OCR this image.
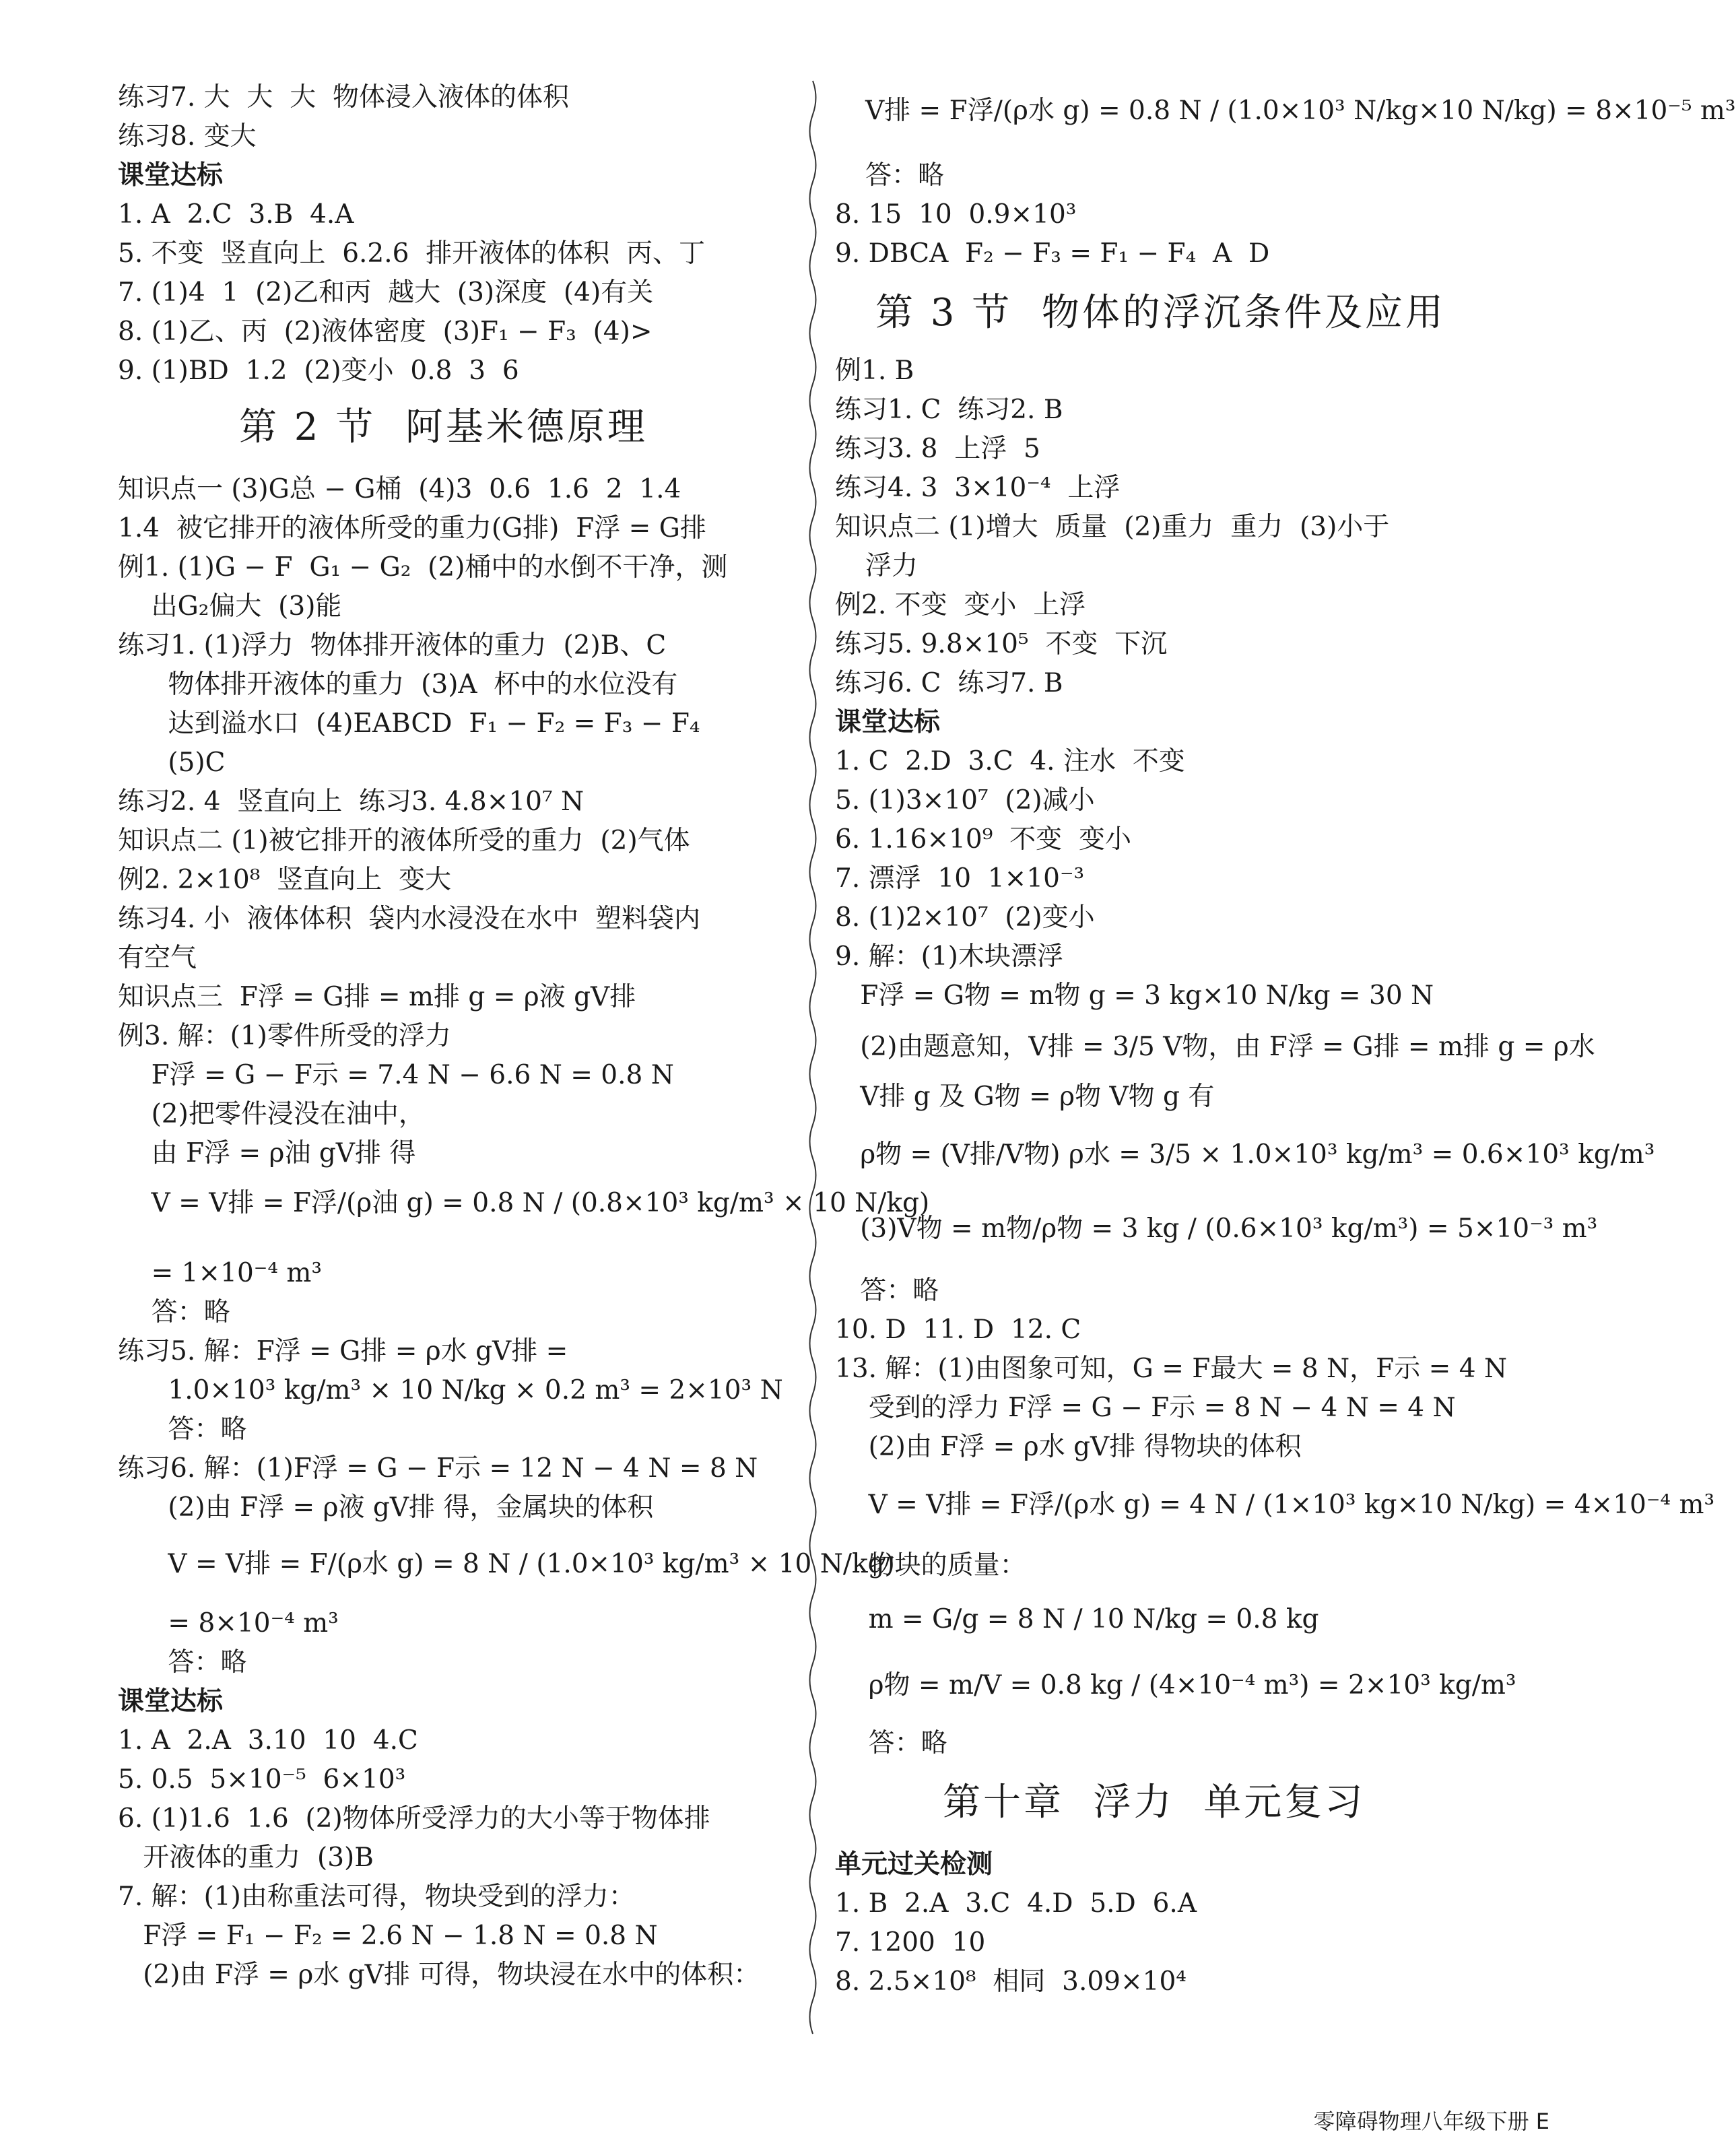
练习7. 大  大  大  物体浸入液体的体积
练习8. 变大
课堂达标
1. A  2.C  3.B  4.A
5. 不变  竖直向上  6.2.6  排开液体的体积  丙、丁
7. (1)4  1  (2)乙和丙  越大  (3)深度  (4)有关
8. (1)乙、丙  (2)液体密度  (3)F₁ − F₃  (4)>
9. (1)BD  1.2  (2)变小  0.8  3  6
第 2 节  阿基米德原理
知识点一 (3)G总 − G桶  (4)3  0.6  1.6  2  1.4
1.4  被它排开的液体所受的重力(G排)  F浮 = G排
例1. (1)G − F  G₁ − G₂  (2)桶中的水倒不干净，测
出G₂偏大  (3)能
练习1. (1)浮力  物体排开液体的重力  (2)B、C
物体排开液体的重力  (3)A  杯中的水位没有
达到溢水口  (4)EABCD  F₁ − F₂ = F₃ − F₄
(5)C
练习2. 4  竖直向上  练习3. 4.8×10⁷ N
知识点二 (1)被它排开的液体所受的重力  (2)气体
例2. 2×10⁸  竖直向上  变大
练习4. 小  液体体积  袋内水浸没在水中  塑料袋内
有空气
知识点三  F浮 = G排 = m排 g = ρ液 gV排
例3. 解：(1)零件所受的浮力
F浮 = G − F示 = 7.4 N − 6.6 N = 0.8 N
(2)把零件浸没在油中，
由 F浮 = ρ油 gV排 得
V = V排 = F浮/(ρ油 g) = 0.8 N / (0.8×10³ kg/m³ × 10 N/kg)
= 1×10⁻⁴ m³
答：略
练习5. 解：F浮 = G排 = ρ水 gV排 =
1.0×10³ kg/m³ × 10 N/kg × 0.2 m³ = 2×10³ N
答：略
练习6. 解：(1)F浮 = G − F示 = 12 N − 4 N = 8 N
(2)由 F浮 = ρ液 gV排 得，金属块的体积
V = V排 = F/(ρ水 g) = 8 N / (1.0×10³ kg/m³ × 10 N/kg)
= 8×10⁻⁴ m³
答：略
课堂达标
1. A  2.A  3.10  10  4.C
5. 0.5  5×10⁻⁵  6×10³
6. (1)1.6  1.6  (2)物体所受浮力的大小等于物体排
开液体的重力  (3)B
7. 解：(1)由称重法可得，物块受到的浮力：
F浮 = F₁ − F₂ = 2.6 N − 1.8 N = 0.8 N
(2)由 F浮 = ρ水 gV排 可得，物块浸在水中的体积：
V排 = F浮/(ρ水 g) = 0.8 N / (1.0×10³ N/kg×10 N/kg) = 8×10⁻⁵ m³
答：略
8. 15  10  0.9×10³
9. DBCA  F₂ − F₃ = F₁ − F₄  A  D
第 3 节  物体的浮沉条件及应用
例1. B
练习1. C  练习2. B
练习3. 8  上浮  5
练习4. 3  3×10⁻⁴  上浮
知识点二 (1)增大  质量  (2)重力  重力  (3)小于
浮力
例2. 不变  变小  上浮
练习5. 9.8×10⁵  不变  下沉
练习6. C  练习7. B
课堂达标
1. C  2.D  3.C  4. 注水  不变
5. (1)3×10⁷  (2)减小
6. 1.16×10⁹  不变  变小
7. 漂浮  10  1×10⁻³
8. (1)2×10⁷  (2)变小
9. 解：(1)木块漂浮
F浮 = G物 = m物 g = 3 kg×10 N/kg = 30 N
(2)由题意知，V排 = 3/5 V物，由 F浮 = G排 = m排 g = ρ水
V排 g 及 G物 = ρ物 V物 g 有
ρ物 = (V排/V物) ρ水 = 3/5 × 1.0×10³ kg/m³ = 0.6×10³ kg/m³
(3)V物 = m物/ρ物 = 3 kg / (0.6×10³ kg/m³) = 5×10⁻³ m³
答：略
10. D  11. D  12. C
13. 解：(1)由图象可知，G = F最大 = 8 N，F示 = 4 N
受到的浮力 F浮 = G − F示 = 8 N − 4 N = 4 N
(2)由 F浮 = ρ水 gV排 得物块的体积
V = V排 = F浮/(ρ水 g) = 4 N / (1×10³ kg×10 N/kg) = 4×10⁻⁴ m³
物块的质量：
m = G/g = 8 N / 10 N/kg = 0.8 kg
ρ物 = m/V = 0.8 kg / (4×10⁻⁴ m³) = 2×10³ kg/m³
答：略
第十章  浮力  单元复习
单元过关检测
1. B  2.A  3.C  4.D  5.D  6.A
7. 1200  10
8. 2.5×10⁸  相同  3.09×10⁴
零障碍物理八年级下册 E
